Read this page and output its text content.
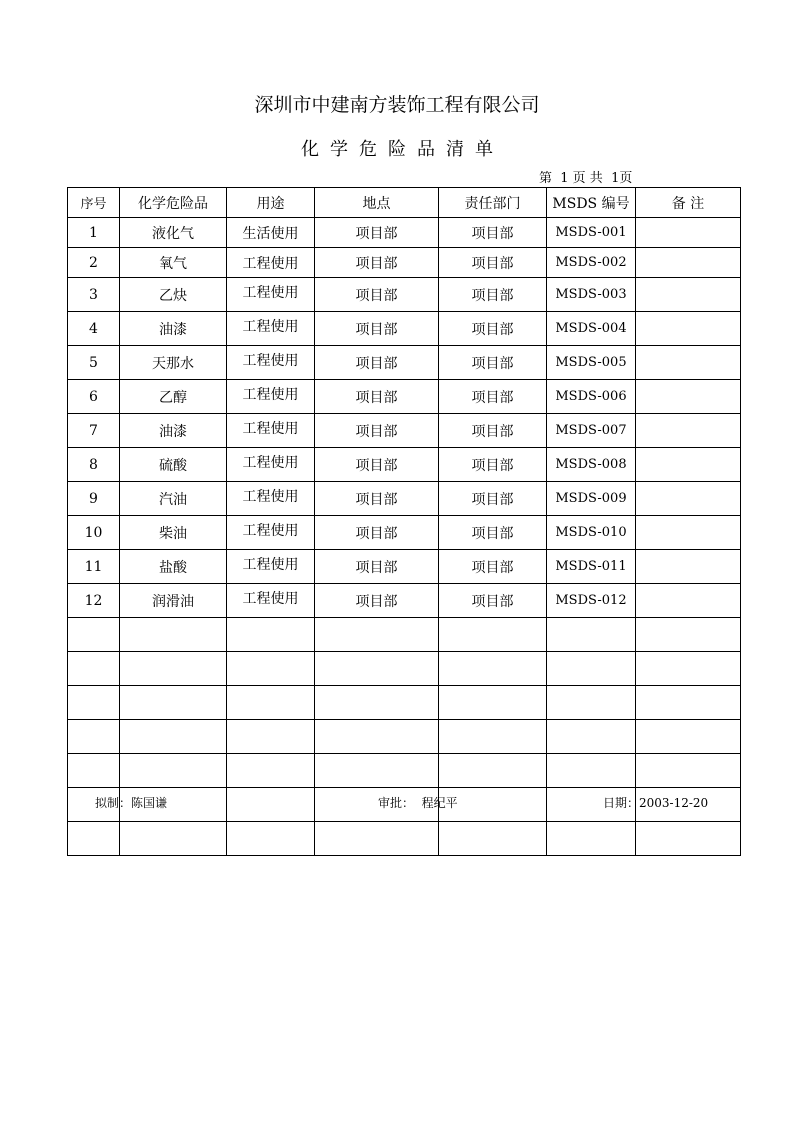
深圳市中建南方装饰工程有限公司
化学危险品清单
第  1 页 共  1页
序号	化学危险品	用途	地点	责任部门	MSDS 编号	备 注
1	液化气	生活使用	项目部	项目部	MSDS-001	
2	氧气	工程使用	项目部	项目部	MSDS-002	
3	乙炔	工程使用	项目部	项目部	MSDS-003	
4	油漆	工程使用	项目部	项目部	MSDS-004	
5	天那水	工程使用	项目部	项目部	MSDS-005	
6	乙醇	工程使用	项目部	项目部	MSDS-006	
7	油漆	工程使用	项目部	项目部	MSDS-007	
8	硫酸	工程使用	项目部	项目部	MSDS-008	
9	汽油	工程使用	项目部	项目部	MSDS-009	
10	柴油	工程使用	项目部	项目部	MSDS-010	
11	盐酸	工程使用	项目部	项目部	MSDS-011	
12	润滑油	工程使用	项目部	项目部	MSDS-012	

拟制：陈国谦	审批：  程纪平	日期：2003-12-20
